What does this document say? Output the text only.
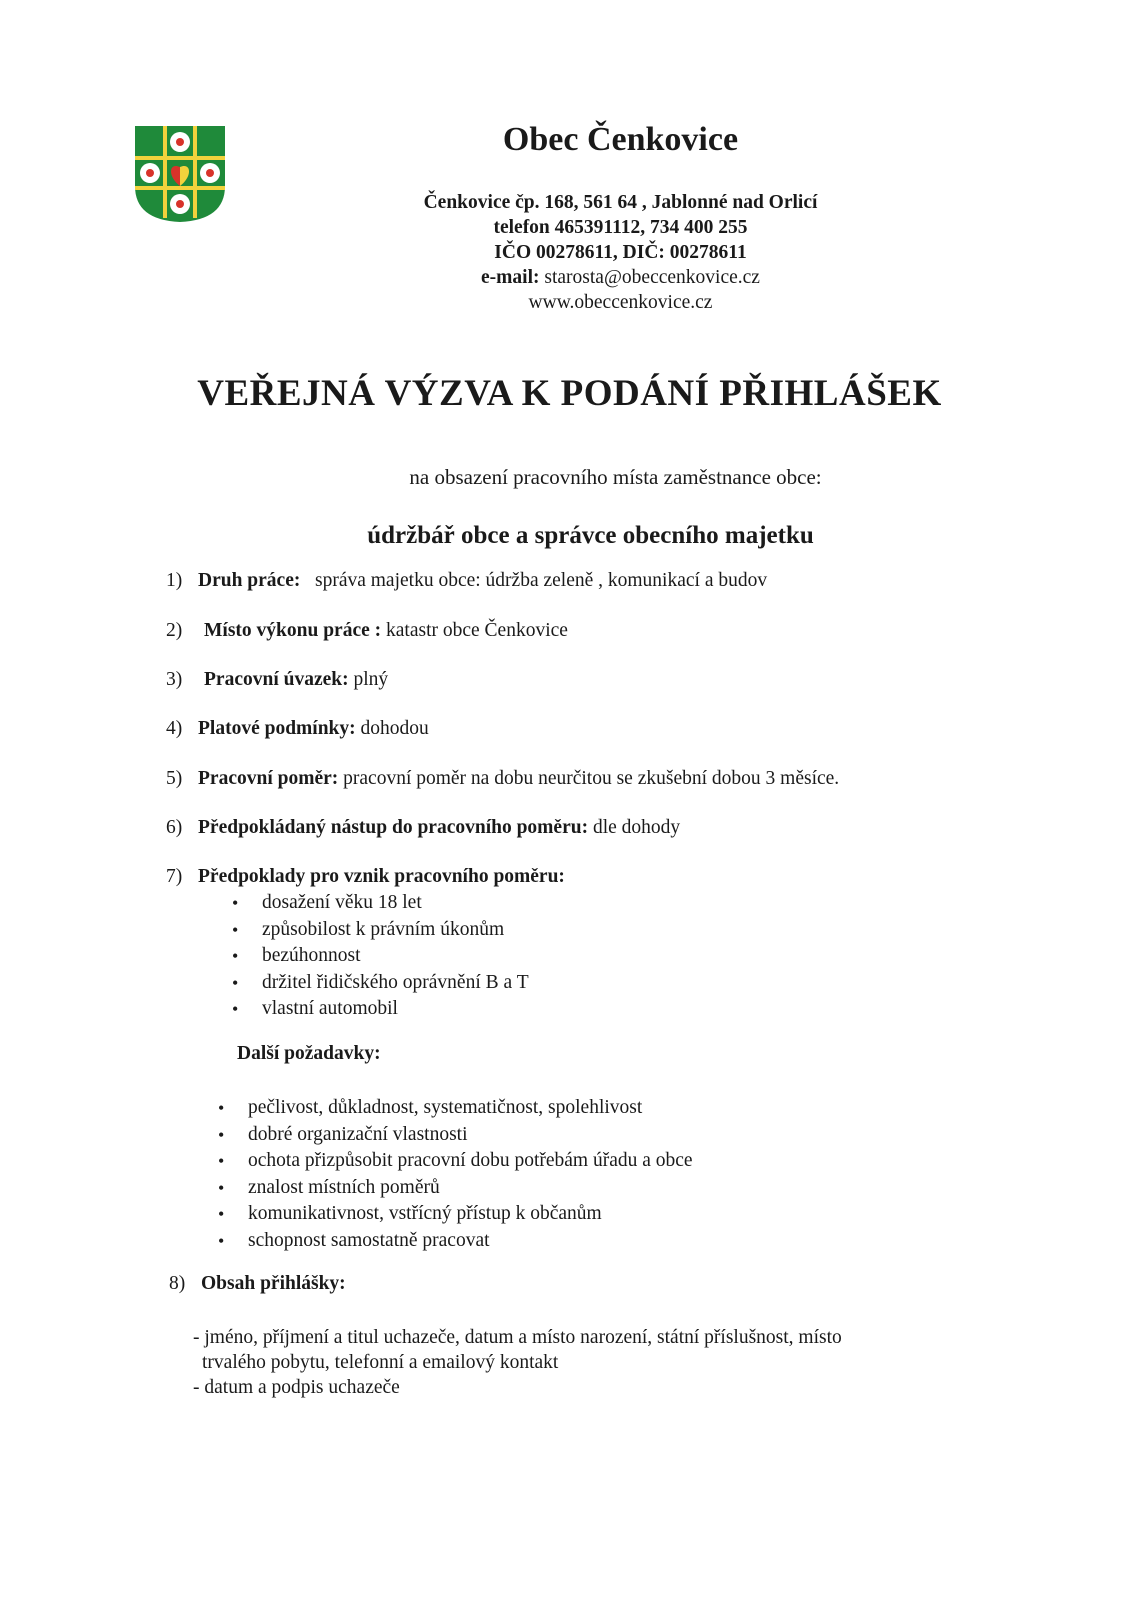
Obec Čenkovice
Čenkovice čp. 168, 561 64 , Jablonné nad Orlicí
telefon 465391112, 734 400 255
IČO 00278611, DIČ: 00278611
e-mail: starosta@obeccenkovice.cz
www.obeccenkovice.cz
VEŘEJNÁ VÝZVA K PODÁNÍ PŘIHLÁŠEK
na obsazení pracovního místa zaměstnance obce:
údržbář obce a správce obecního majetku
1) Druh práce: správa majetku obce: údržba zeleně , komunikací a budov
2) Místo výkonu práce : katastr obce Čenkovice
3) Pracovní úvazek: plný
4) Platové podmínky: dohodou
5) Pracovní poměr: pracovní poměr na dobu neurčitou se zkušební dobou 3 měsíce.
6) Předpokládaný nástup do pracovního poměru: dle dohody
7) Předpoklady pro vznik pracovního poměru:
• dosažení věku 18 let
• způsobilost k právním úkonům
• bezúhonnost
• držitel řidičského oprávnění B a T
• vlastní automobil
Další požadavky:
• pečlivost, důkladnost, systematičnost, spolehlivost
• dobré organizační vlastnosti
• ochota přizpůsobit pracovní dobu potřebám úřadu a obce
• znalost místních poměrů
• komunikativnost, vstřícný přístup k občanům
• schopnost samostatně pracovat
8) Obsah přihlášky:
- jméno, příjmení a titul uchazeče, datum a místo narození, státní příslušnost, místo
trvalého pobytu, telefonní a emailový kontakt
- datum a podpis uchazeče
